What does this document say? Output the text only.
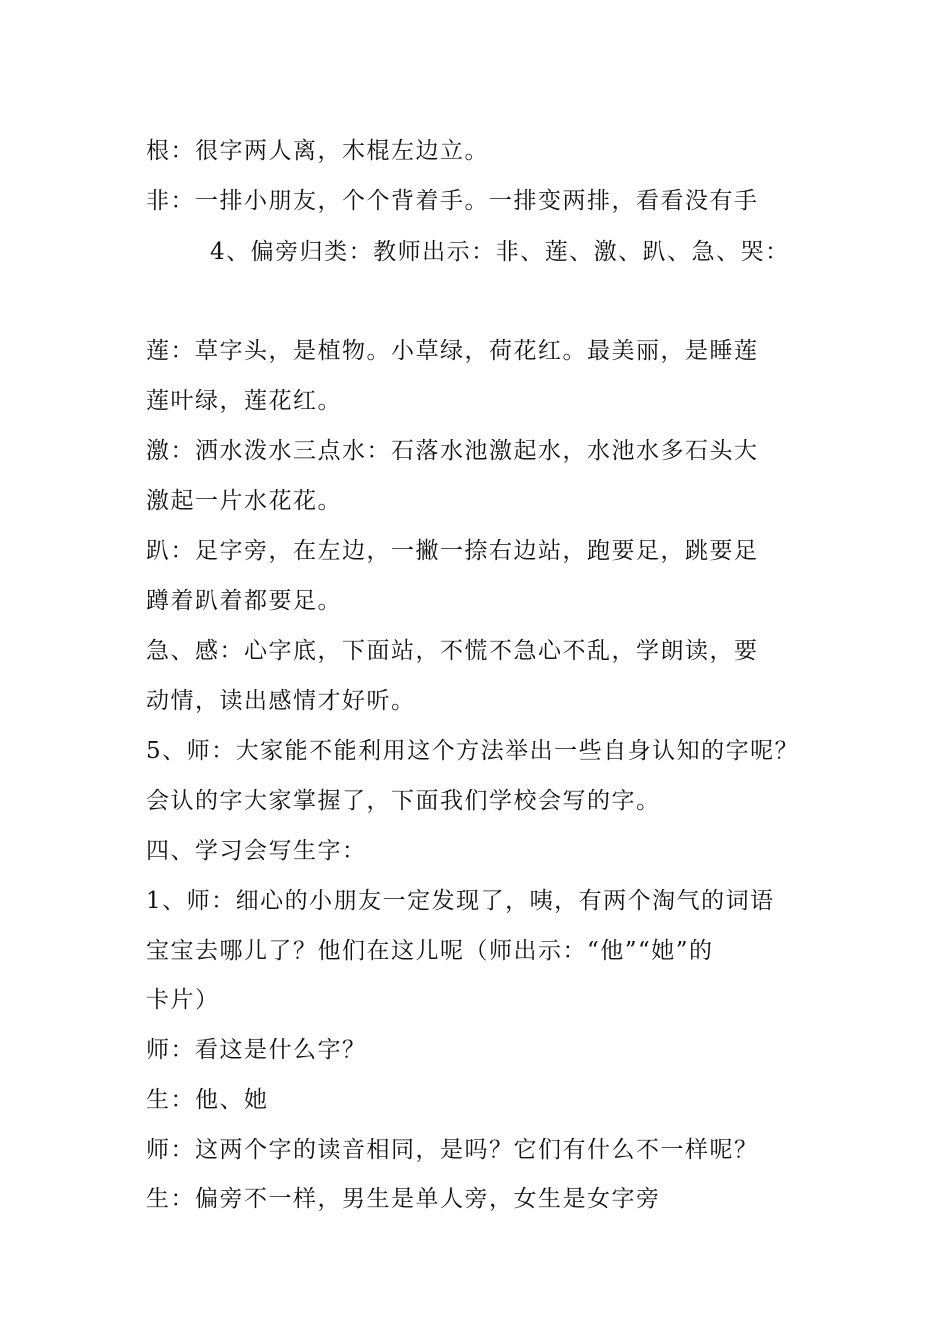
根：很字两人离，木棍左边立。
非：一排小朋友，个个背着手。一排变两排，看看没有手
4、偏旁归类：教师出示：非、莲、激、趴、急、哭：
莲：草字头，是植物。小草绿，荷花红。最美丽，是睡莲
莲叶绿，莲花红。
激：洒水泼水三点水：石落水池激起水，水池水多石头大
激起一片水花花。
趴：足字旁，在左边，一撇一捺右边站，跑要足，跳要足
蹲着趴着都要足。
急、感：心字底，下面站，不慌不急心不乱，学朗读，要
动情，读出感情才好听。
5、师：大家能不能利用这个方法举出一些自身认知的字呢？
会认的字大家掌握了，下面我们学校会写的字。
四、学习会写生字：
1、师：细心的小朋友一定发现了，咦，有两个淘气的词语
宝宝去哪儿了？他们在这儿呢（师出示：“他”“她”的
卡片）
师：看这是什么字？
生：他、她
师：这两个字的读音相同，是吗？它们有什么不一样呢？
生：偏旁不一样，男生是单人旁，女生是女字旁
